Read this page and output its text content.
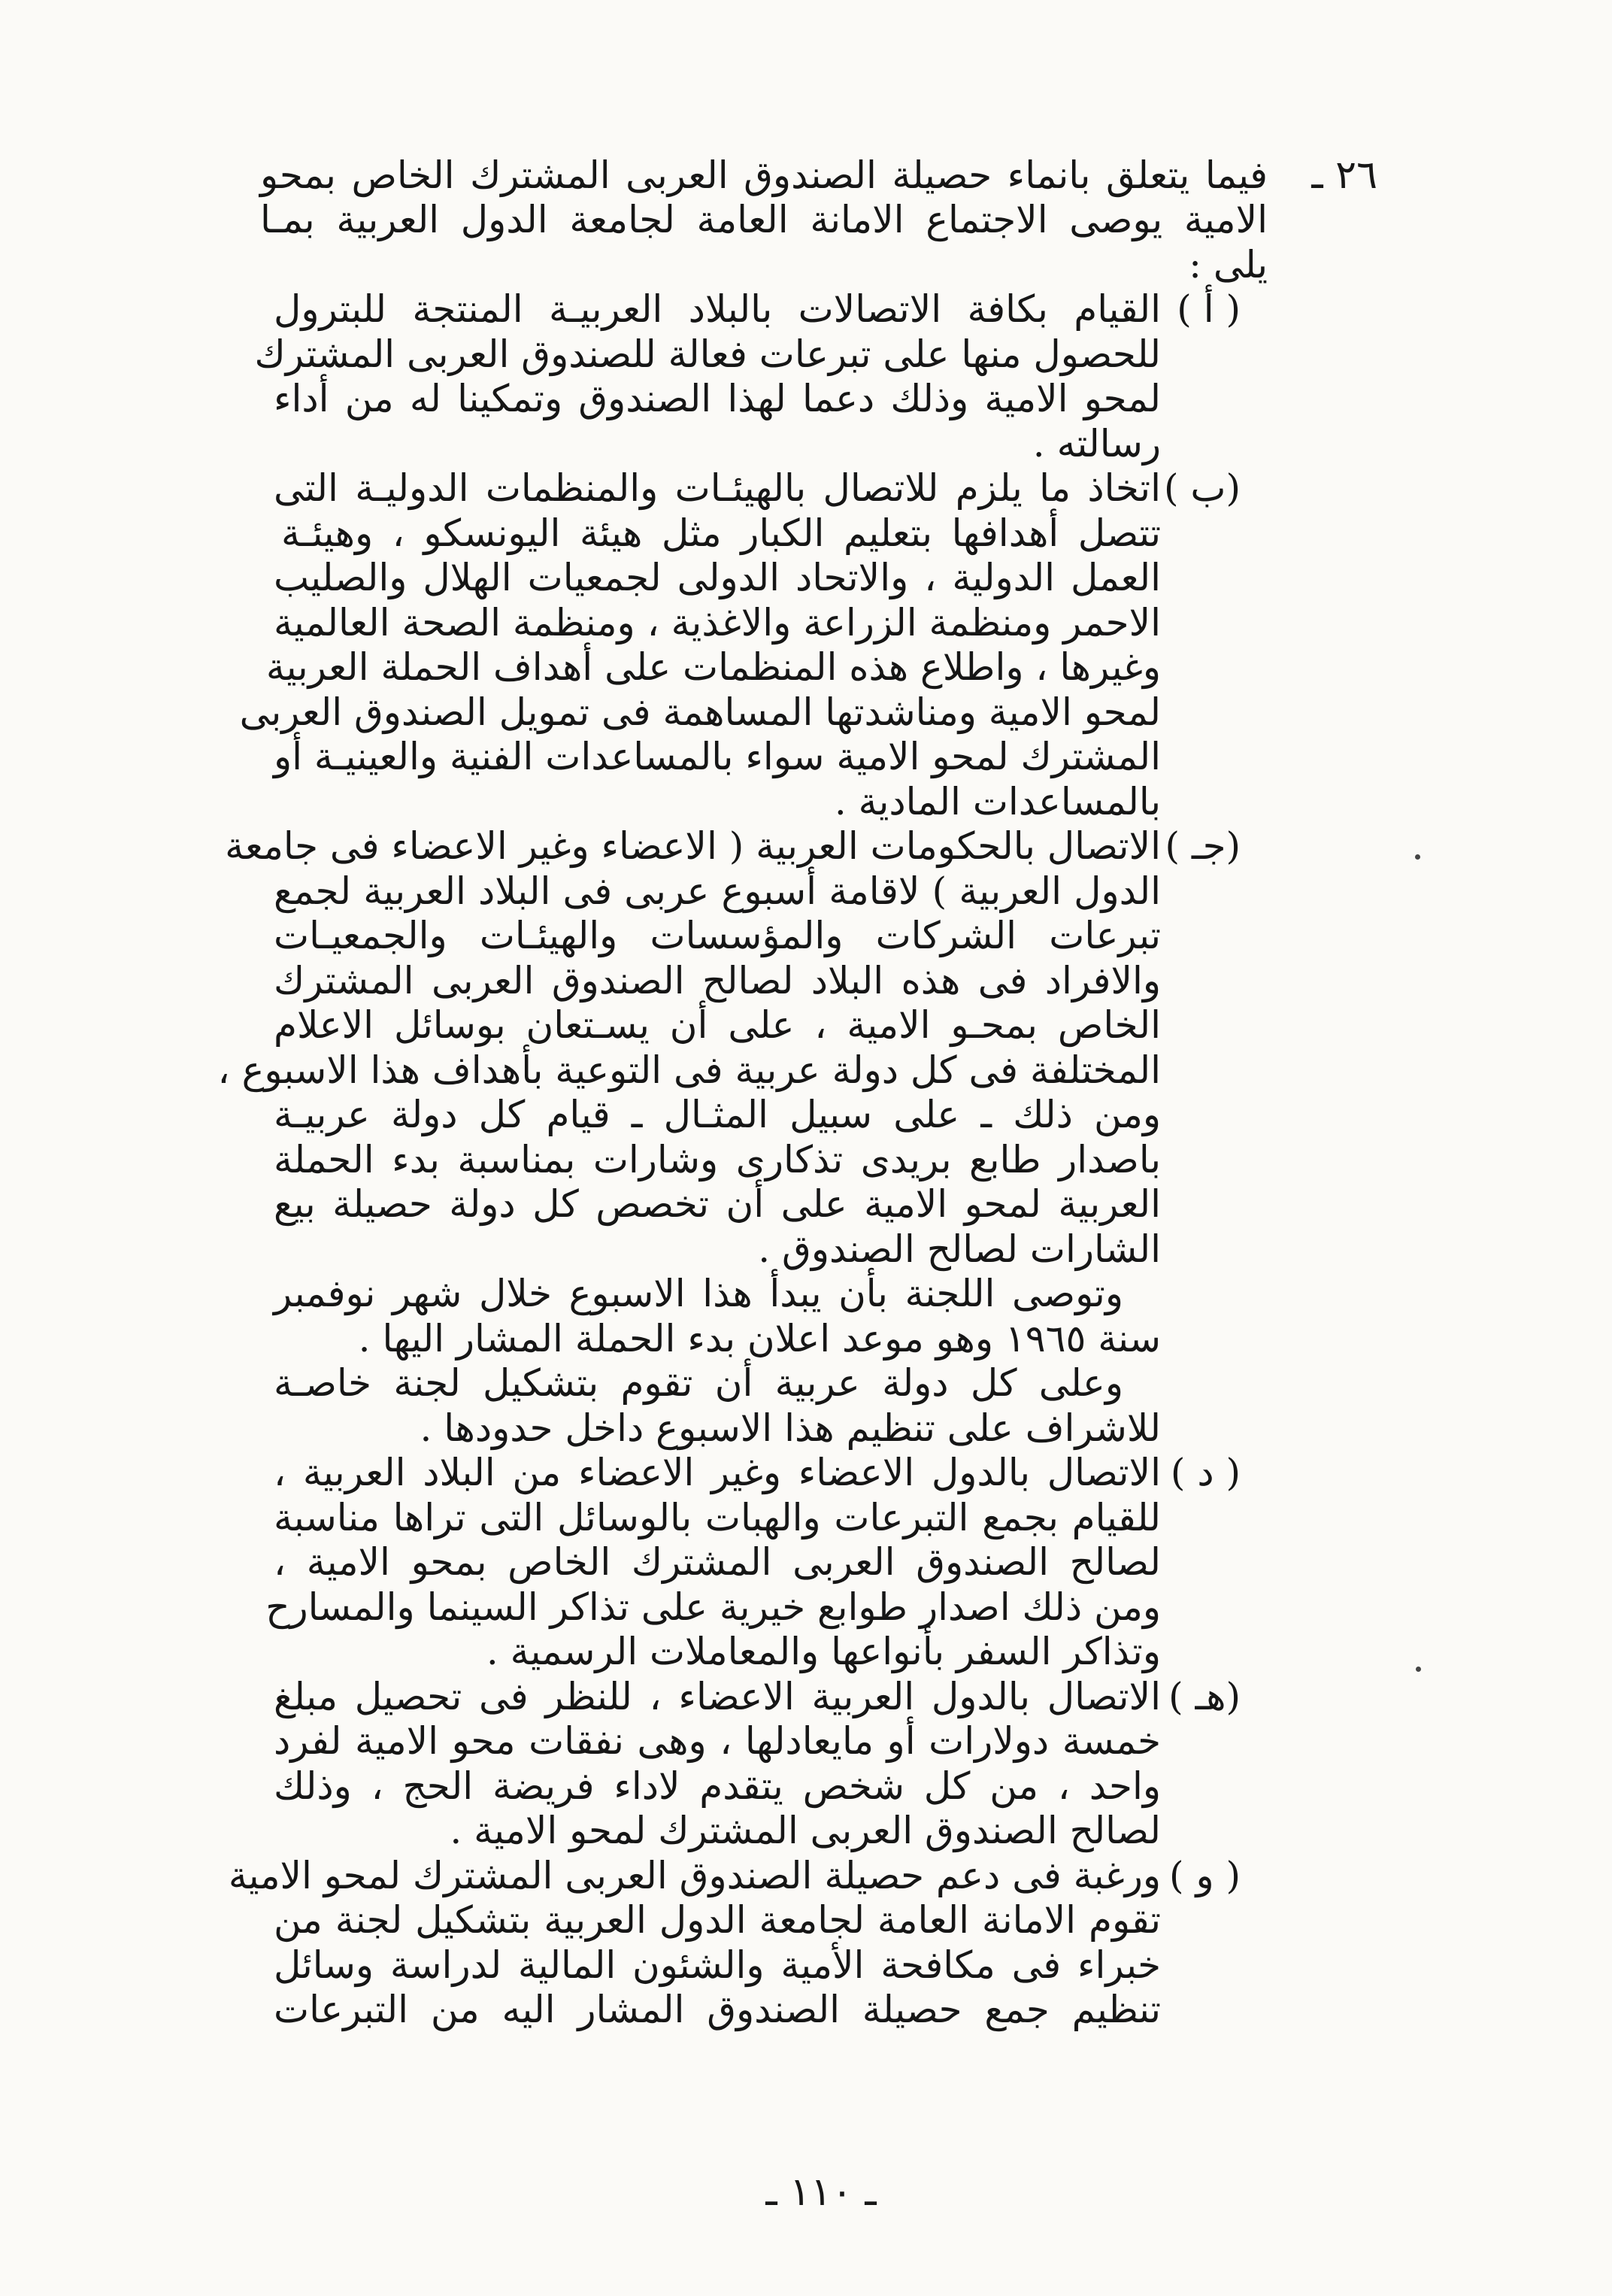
٢٦ ـ
فيما يتعلق بانماء حصيلة الصندوق العربى المشترك الخاص بمحو
الامية يوصى الاجتماع الامانة العامة لجامعة الدول العربية بمـا
يلى :
( أ )
القيام بكافة الاتصالات بالبلاد العربيـة المنتجة للبترول
للحصول منها على تبرعات فعالة للصندوق العربى المشترك
لمحو الامية وذلك دعما لهذا الصندوق وتمكينا له من أداء
رسالته .
(ب )
اتخاذ ما يلزم للاتصال بالهيئـات والمنظمات الدوليـة التى
تتصل أهدافها بتعليم الكبار مثل هيئة اليونسكو ، وهيئـة
العمل الدولية ، والاتحاد الدولى لجمعيات الهلال والصليب
الاحمر ومنظمة الزراعة والاغذية ، ومنظمة الصحة العالمية
وغيرها ، واطلاع هذه المنظمات على أهداف الحملة العربية
لمحو الامية ومناشدتها المساهمة فى تمويل الصندوق العربى
المشترك لمحو الامية سواء بالمساعدات الفنية والعينيـة أو
بالمساعدات المادية .
(جـ )
الاتصال بالحكومات العربية ( الاعضاء وغير الاعضاء فى جامعة
الدول العربية ) لاقامة أسبوع عربى فى البلاد العربية لجمع
تبرعات الشركات والمؤسسات والهيئـات والجمعيـات
والافراد فى هذه البلاد لصالح الصندوق العربى المشترك
الخاص بمحـو الامية ، على أن يسـتعان بوسائل الاعلام
المختلفة فى كل دولة عربية فى التوعية بأهداف هذا الاسبوع ،
ومن ذلك ـ على سبيل المثـال ـ قيام كل دولة عربيـة
باصدار طابع بريدى تذكارى وشارات بمناسبة بدء الحملة
العربية لمحو الامية على أن تخصص كل دولة حصيلة بيع
الشارات لصالح الصندوق .
وتوصى اللجنة بأن يبدأ هذا الاسبوع خلال شهر نوفمبر
سنة ١٩٦٥ وهو موعد اعلان بدء الحملة المشار اليها .
وعلى كل دولة عربية أن تقوم بتشكيل لجنة خاصـة
للاشراف على تنظيم هذا الاسبوع داخل حدودها .
( د )
الاتصال بالدول الاعضاء وغير الاعضاء من البلاد العربية ،
للقيام بجمع التبرعات والهبات بالوسائل التى تراها مناسبة
لصالح الصندوق العربى المشترك الخاص بمحو الامية ،
ومن ذلك اصدار طوابع خيرية على تذاكر السينما والمسارح
وتذاكر السفر بأنواعها والمعاملات الرسمية .
(هـ )
الاتصال بالدول العربية الاعضاء ، للنظر فى تحصيل مبلغ
خمسة دولارات أو مايعادلها ، وهى نفقات محو الامية لفرد
واحد ، من كل شخص يتقدم لاداء فريضة الحج ، وذلك
لصالح الصندوق العربى المشترك لمحو الامية .
( و )
ورغبة فى دعم حصيلة الصندوق العربى المشترك لمحو الامية
تقوم الامانة العامة لجامعة الدول العربية بتشكيل لجنة من
خبراء فى مكافحة الأمية والشئون المالية لدراسة وسائل
تنظيم جمع حصيلة الصندوق المشار اليه من التبرعات
ـ ١١٠ ـ
